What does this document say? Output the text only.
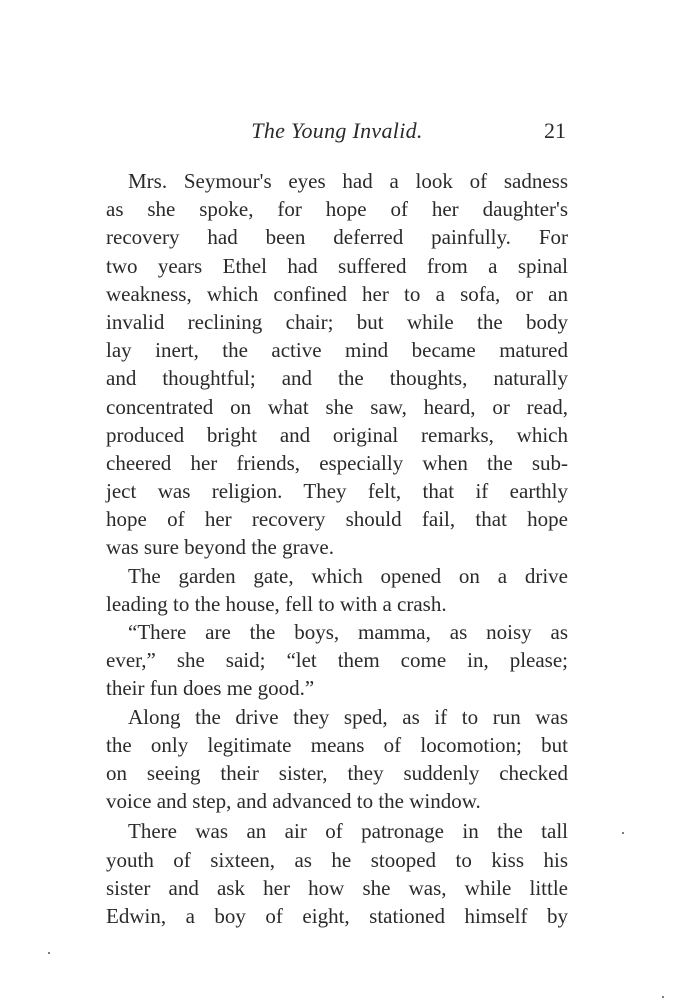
The Young Invalid.	21
Mrs. Seymour's eyes had a look of sadness
as she spoke, for hope of her daughter's
recovery had been deferred painfully. For
two years Ethel had suffered from a spinal
weakness, which confined her to a sofa, or an
invalid reclining chair; but while the body
lay inert, the active mind became matured
and thoughtful; and the thoughts, naturally
concentrated on what she saw, heard, or read,
produced bright and original remarks, which
cheered her friends, especially when the sub-
ject was religion. They felt, that if earthly
hope of her recovery should fail, that hope
was sure beyond the grave.
The garden gate, which opened on a drive
leading to the house, fell to with a crash.
“There are the boys, mamma, as noisy as
ever,” she said; “let them come in, please;
their fun does me good.”
Along the drive they sped, as if to run was
the only legitimate means of locomotion; but
on seeing their sister, they suddenly checked
voice and step, and advanced to the window.
There was an air of patronage in the tall
youth of sixteen, as he stooped to kiss his
sister and ask her how she was, while little
Edwin, a boy of eight, stationed himself by
